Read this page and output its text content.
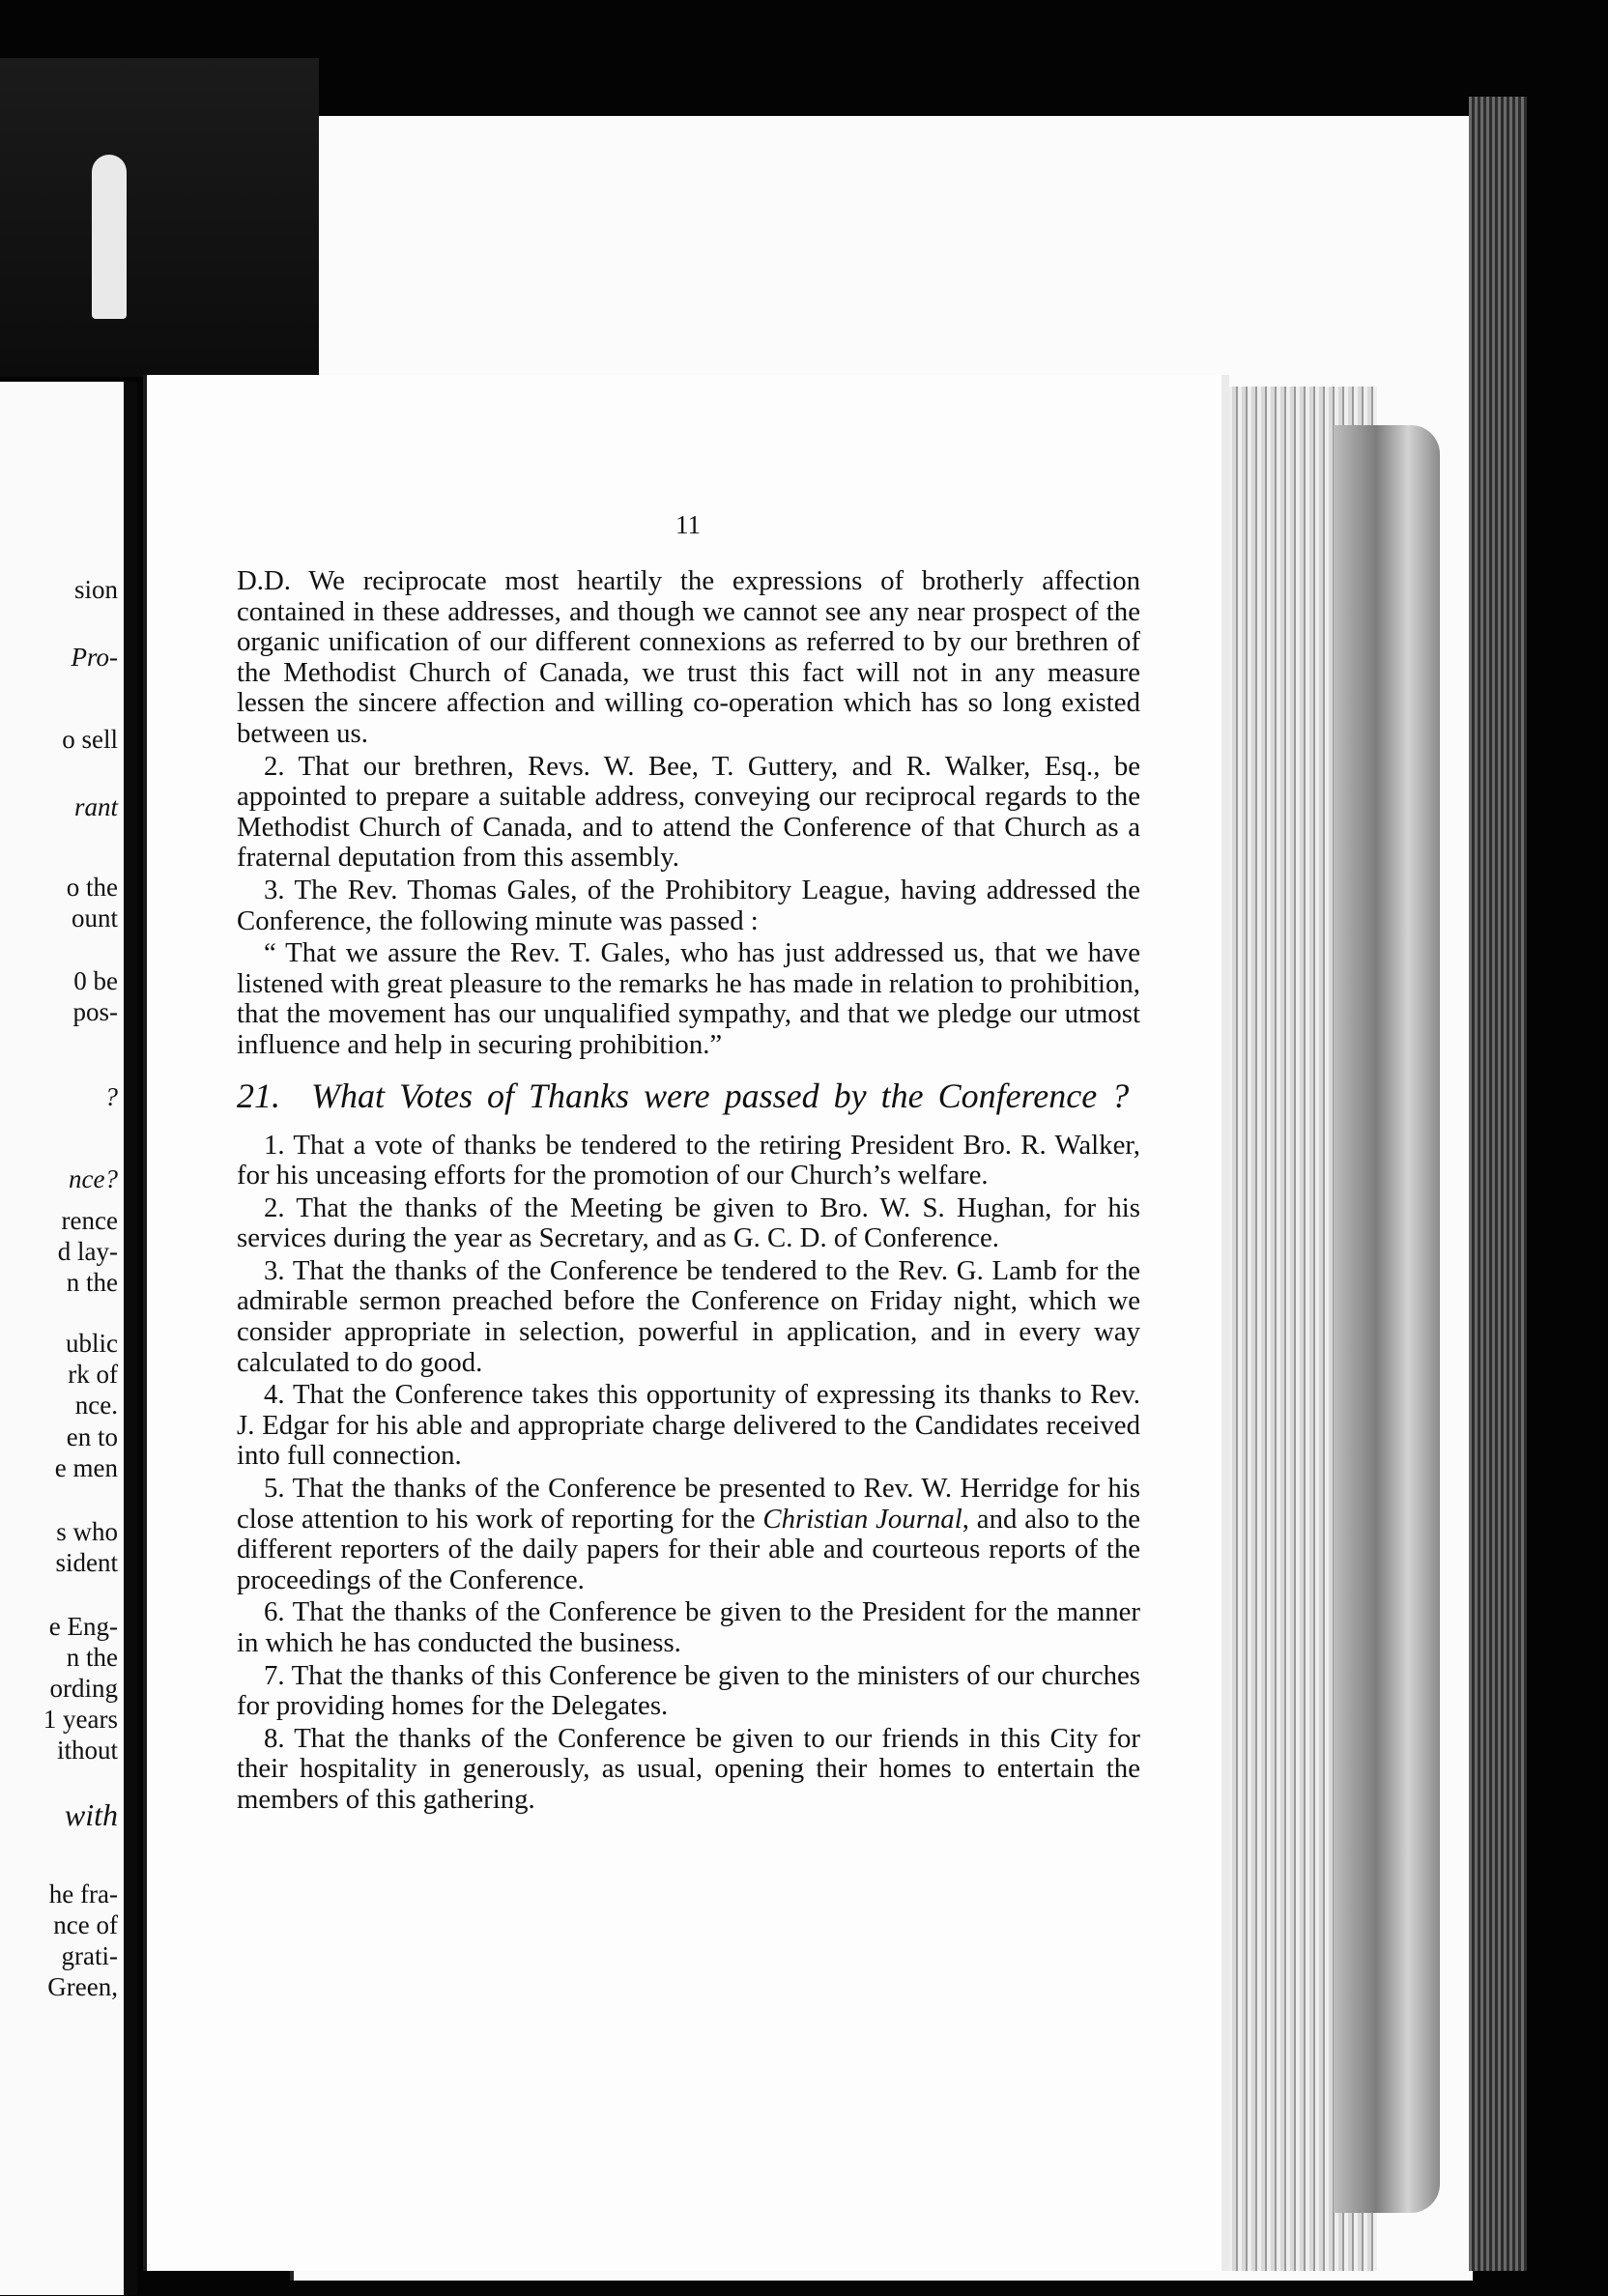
sion
Pro-
o sell
rant
o the
ount
0 be
pos-
?
nce?
rence
d lay-
n the
ublic
rk of
nce.
en to
e men
s who
sident
e Eng-
n the
ording
1 years
ithout
with
he fra-
nce of
grati-
Green,
11

D.D. We reciprocate most heartily the expressions of brotherly affection contained in these addresses, and though we cannot see any near prospect of the organic unification of our different connexions as referred to by our brethren of the Methodist Church of Canada, we trust this fact will not in any measure lessen the sincere affection and willing co-operation which has so long existed between us.

2. That our brethren, Revs. W. Bee, T. Guttery, and R. Walker, Esq., be appointed to prepare a suitable address, conveying our reciprocal regards to the Methodist Church of Canada, and to attend the Conference of that Church as a fraternal deputation from this assembly.

3. The Rev. Thomas Gales, of the Prohibitory League, having addressed the Conference, the following minute was passed :

“ That we assure the Rev. T. Gales, who has just addressed us, that we have listened with great pleasure to the remarks he has made in relation to prohibition, that the movement has our unqualified sympathy, and that we pledge our utmost influence and help in securing prohibition.”

21. What Votes of Thanks were passed by the Conference ?

1. That a vote of thanks be tendered to the retiring President Bro. R. Walker, for his unceasing efforts for the promotion of our Church’s welfare.

2. That the thanks of the Meeting be given to Bro. W. S. Hughan, for his services during the year as Secretary, and as G. C. D. of Conference.

3. That the thanks of the Conference be tendered to the Rev. G. Lamb for the admirable sermon preached before the Conference on Friday night, which we consider appropriate in selection, powerful in application, and in every way calculated to do good.

4. That the Conference takes this opportunity of expressing its thanks to Rev. J. Edgar for his able and appropriate charge delivered to the Candidates received into full connection.

5. That the thanks of the Conference be presented to Rev. W. Herridge for his close attention to his work of reporting for the Christian Journal, and also to the different reporters of the daily papers for their able and courteous reports of the proceedings of the Conference.

6. That the thanks of the Conference be given to the President for the manner in which he has conducted the business.

7. That the thanks of this Conference be given to the ministers of our churches for providing homes for the Delegates.

8. That the thanks of the Conference be given to our friends in this City for their hospitality in generously, as usual, opening their homes to entertain the members of this gathering.
